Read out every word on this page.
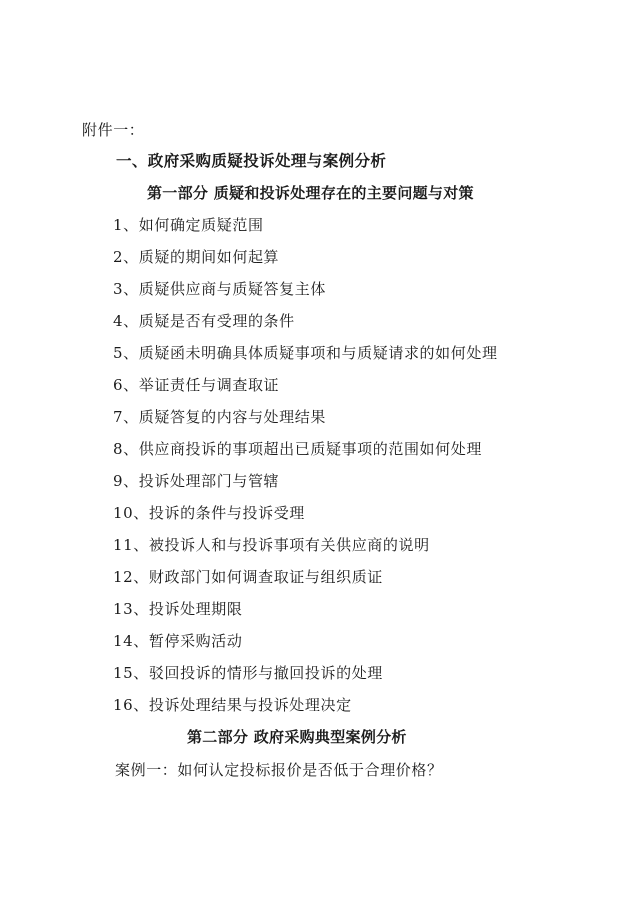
附件一：
一、政府采购质疑投诉处理与案例分析
第一部分 质疑和投诉处理存在的主要问题与对策
1、如何确定质疑范围
2、质疑的期间如何起算
3、质疑供应商与质疑答复主体
4、质疑是否有受理的条件
5、质疑函未明确具体质疑事项和与质疑请求的如何处理
6、举证责任与调查取证
7、质疑答复的内容与处理结果
8、供应商投诉的事项超出已质疑事项的范围如何处理
9、投诉处理部门与管辖
10、投诉的条件与投诉受理
11、被投诉人和与投诉事项有关供应商的说明
12、财政部门如何调查取证与组织质证
13、投诉处理期限
14、暂停采购活动
15、驳回投诉的情形与撤回投诉的处理
16、投诉处理结果与投诉处理决定
第二部分 政府采购典型案例分析
案例一：如何认定投标报价是否低于合理价格？
